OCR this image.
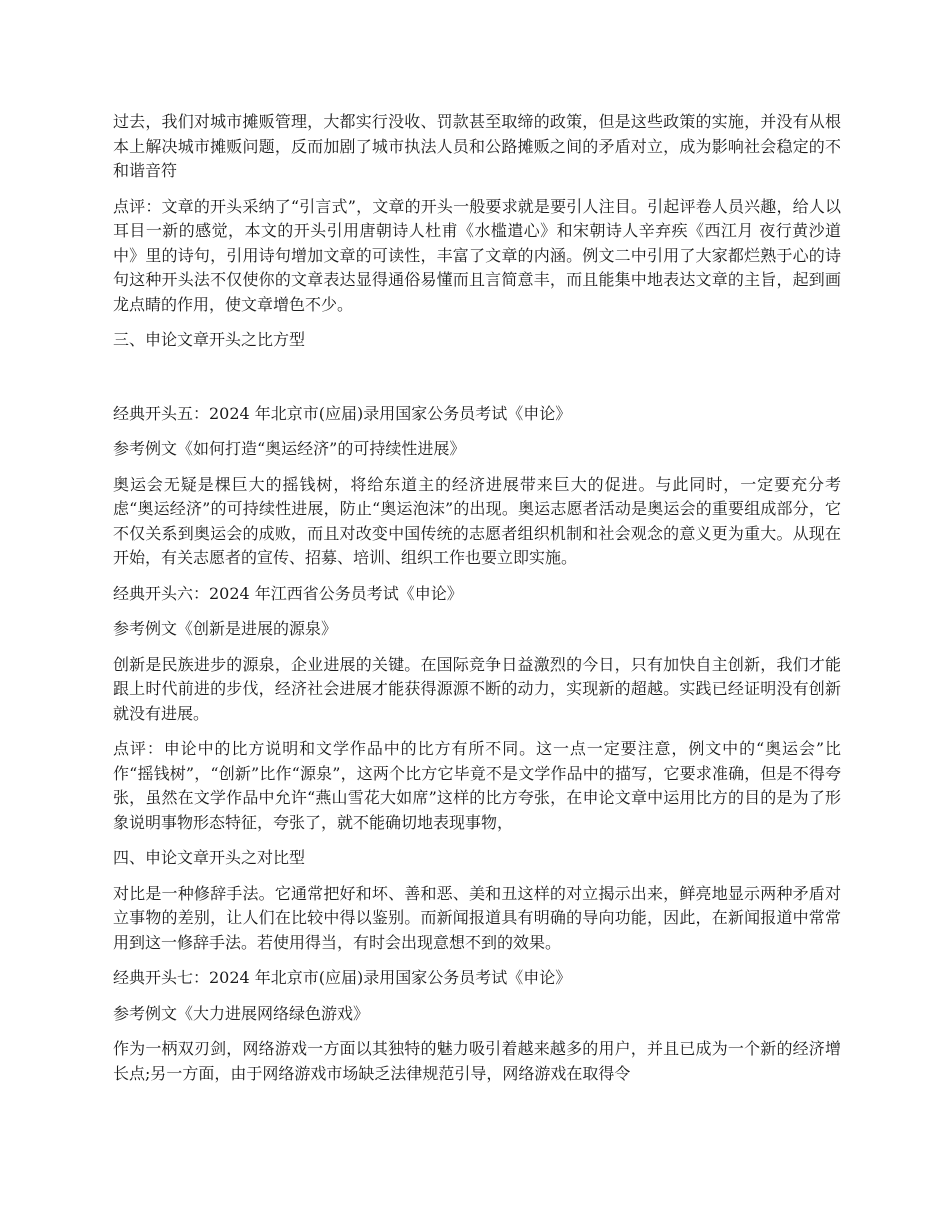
过去，我们对城市摊贩管理，大都实行没收、罚款甚至取缔的政策，但是这些政策的实施，并没有从根本上解决城市摊贩问题，反而加剧了城市执法人员和公路摊贩之间的矛盾对立，成为影响社会稳定的不和谐音符

点评：文章的开头采纳了“引言式”，文章的开头一般要求就是要引人注目。引起评卷人员兴趣，给人以耳目一新的感觉，本文的开头引用唐朝诗人杜甫《水槛遣心》和宋朝诗人辛弃疾《西江月 夜行黄沙道中》里的诗句，引用诗句增加文章的可读性，丰富了文章的内涵。例文二中引用了大家都烂熟于心的诗句这种开头法不仅使你的文章表达显得通俗易懂而且言简意丰，而且能集中地表达文章的主旨，起到画龙点睛的作用，使文章增色不少。

三、申论文章开头之比方型

经典开头五：2024 年北京市(应届)录用国家公务员考试《申论》

参考例文《如何打造“奥运经济”的可持续性进展》

奥运会无疑是棵巨大的摇钱树，将给东道主的经济进展带来巨大的促进。与此同时，一定要充分考虑“奥运经济”的可持续性进展，防止“奥运泡沫”的出现。奥运志愿者活动是奥运会的重要组成部分，它不仅关系到奥运会的成败，而且对改变中国传统的志愿者组织机制和社会观念的意义更为重大。从现在开始，有关志愿者的宣传、招募、培训、组织工作也要立即实施。

经典开头六：2024 年江西省公务员考试《申论》

参考例文《创新是进展的源泉》

创新是民族进步的源泉，企业进展的关键。在国际竞争日益激烈的今日，只有加快自主创新，我们才能跟上时代前进的步伐，经济社会进展才能获得源源不断的动力，实现新的超越。实践已经证明没有创新就没有进展。

点评：申论中的比方说明和文学作品中的比方有所不同。这一点一定要注意，例文中的“奥运会”比作“摇钱树”，“创新”比作“源泉”，这两个比方它毕竟不是文学作品中的描写，它要求准确，但是不得夸张，虽然在文学作品中允许“燕山雪花大如席”这样的比方夸张，在申论文章中运用比方的目的是为了形象说明事物形态特征，夸张了，就不能确切地表现事物，

四、申论文章开头之对比型

对比是一种修辞手法。它通常把好和坏、善和恶、美和丑这样的对立揭示出来，鲜亮地显示两种矛盾对立事物的差别，让人们在比较中得以鉴别。而新闻报道具有明确的导向功能，因此，在新闻报道中常常用到这一修辞手法。若使用得当，有时会出现意想不到的效果。

经典开头七：2024 年北京市(应届)录用国家公务员考试《申论》

参考例文《大力进展网络绿色游戏》

作为一柄双刃剑，网络游戏一方面以其独特的魅力吸引着越来越多的用户，并且已成为一个新的经济增长点;另一方面，由于网络游戏市场缺乏法律规范引导，网络游戏在取得令
